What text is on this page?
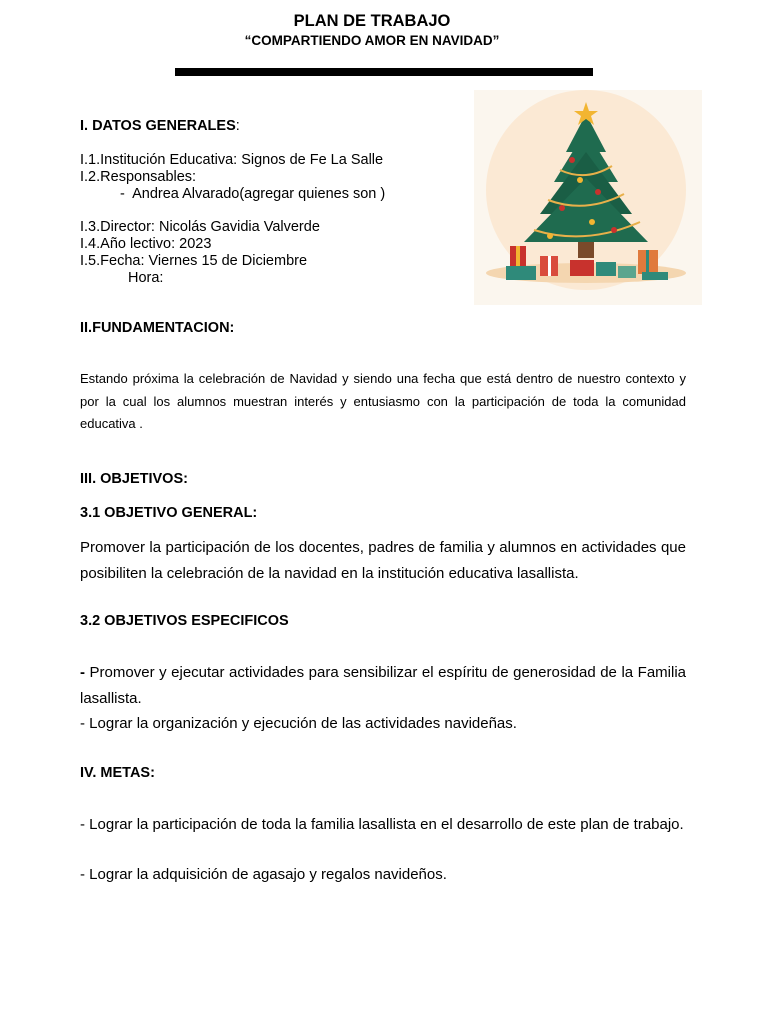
PLAN DE TRABAJO
“COMPARTIENDO AMOR EN NAVIDAD”
I. DATOS GENERALES:
I.1.Institución Educativa: Signos de Fe La Salle
I.2.Responsables:
- Andrea Alvarado(agregar quienes son )
I.3.Director: Nicolás Gavidia Valverde
I.4.Año lectivo: 2023
I.5.Fecha: Viernes 15 de Diciembre
Hora:
II.FUNDAMENTACION:
Estando próxima la celebración de Navidad y siendo una fecha que está dentro de nuestro contexto y por la cual los alumnos muestran interés y entusiasmo con la participación de toda la comunidad educativa .
III. OBJETIVOS:
3.1 OBJETIVO GENERAL:
Promover la participación de los docentes, padres de familia y alumnos en actividades que posibiliten la celebración de la navidad en la institución educativa lasallista.
3.2 OBJETIVOS ESPECIFICOS
- Promover y ejecutar actividades para sensibilizar el espíritu de generosidad de la Familia lasallista.
- Lograr la organización y ejecución de las actividades navideñas.
IV. METAS:
- Lograr la participación de toda la familia lasallista en el desarrollo de este plan de trabajo.
- Lograr la adquisición de agasajo y regalos navideños.
